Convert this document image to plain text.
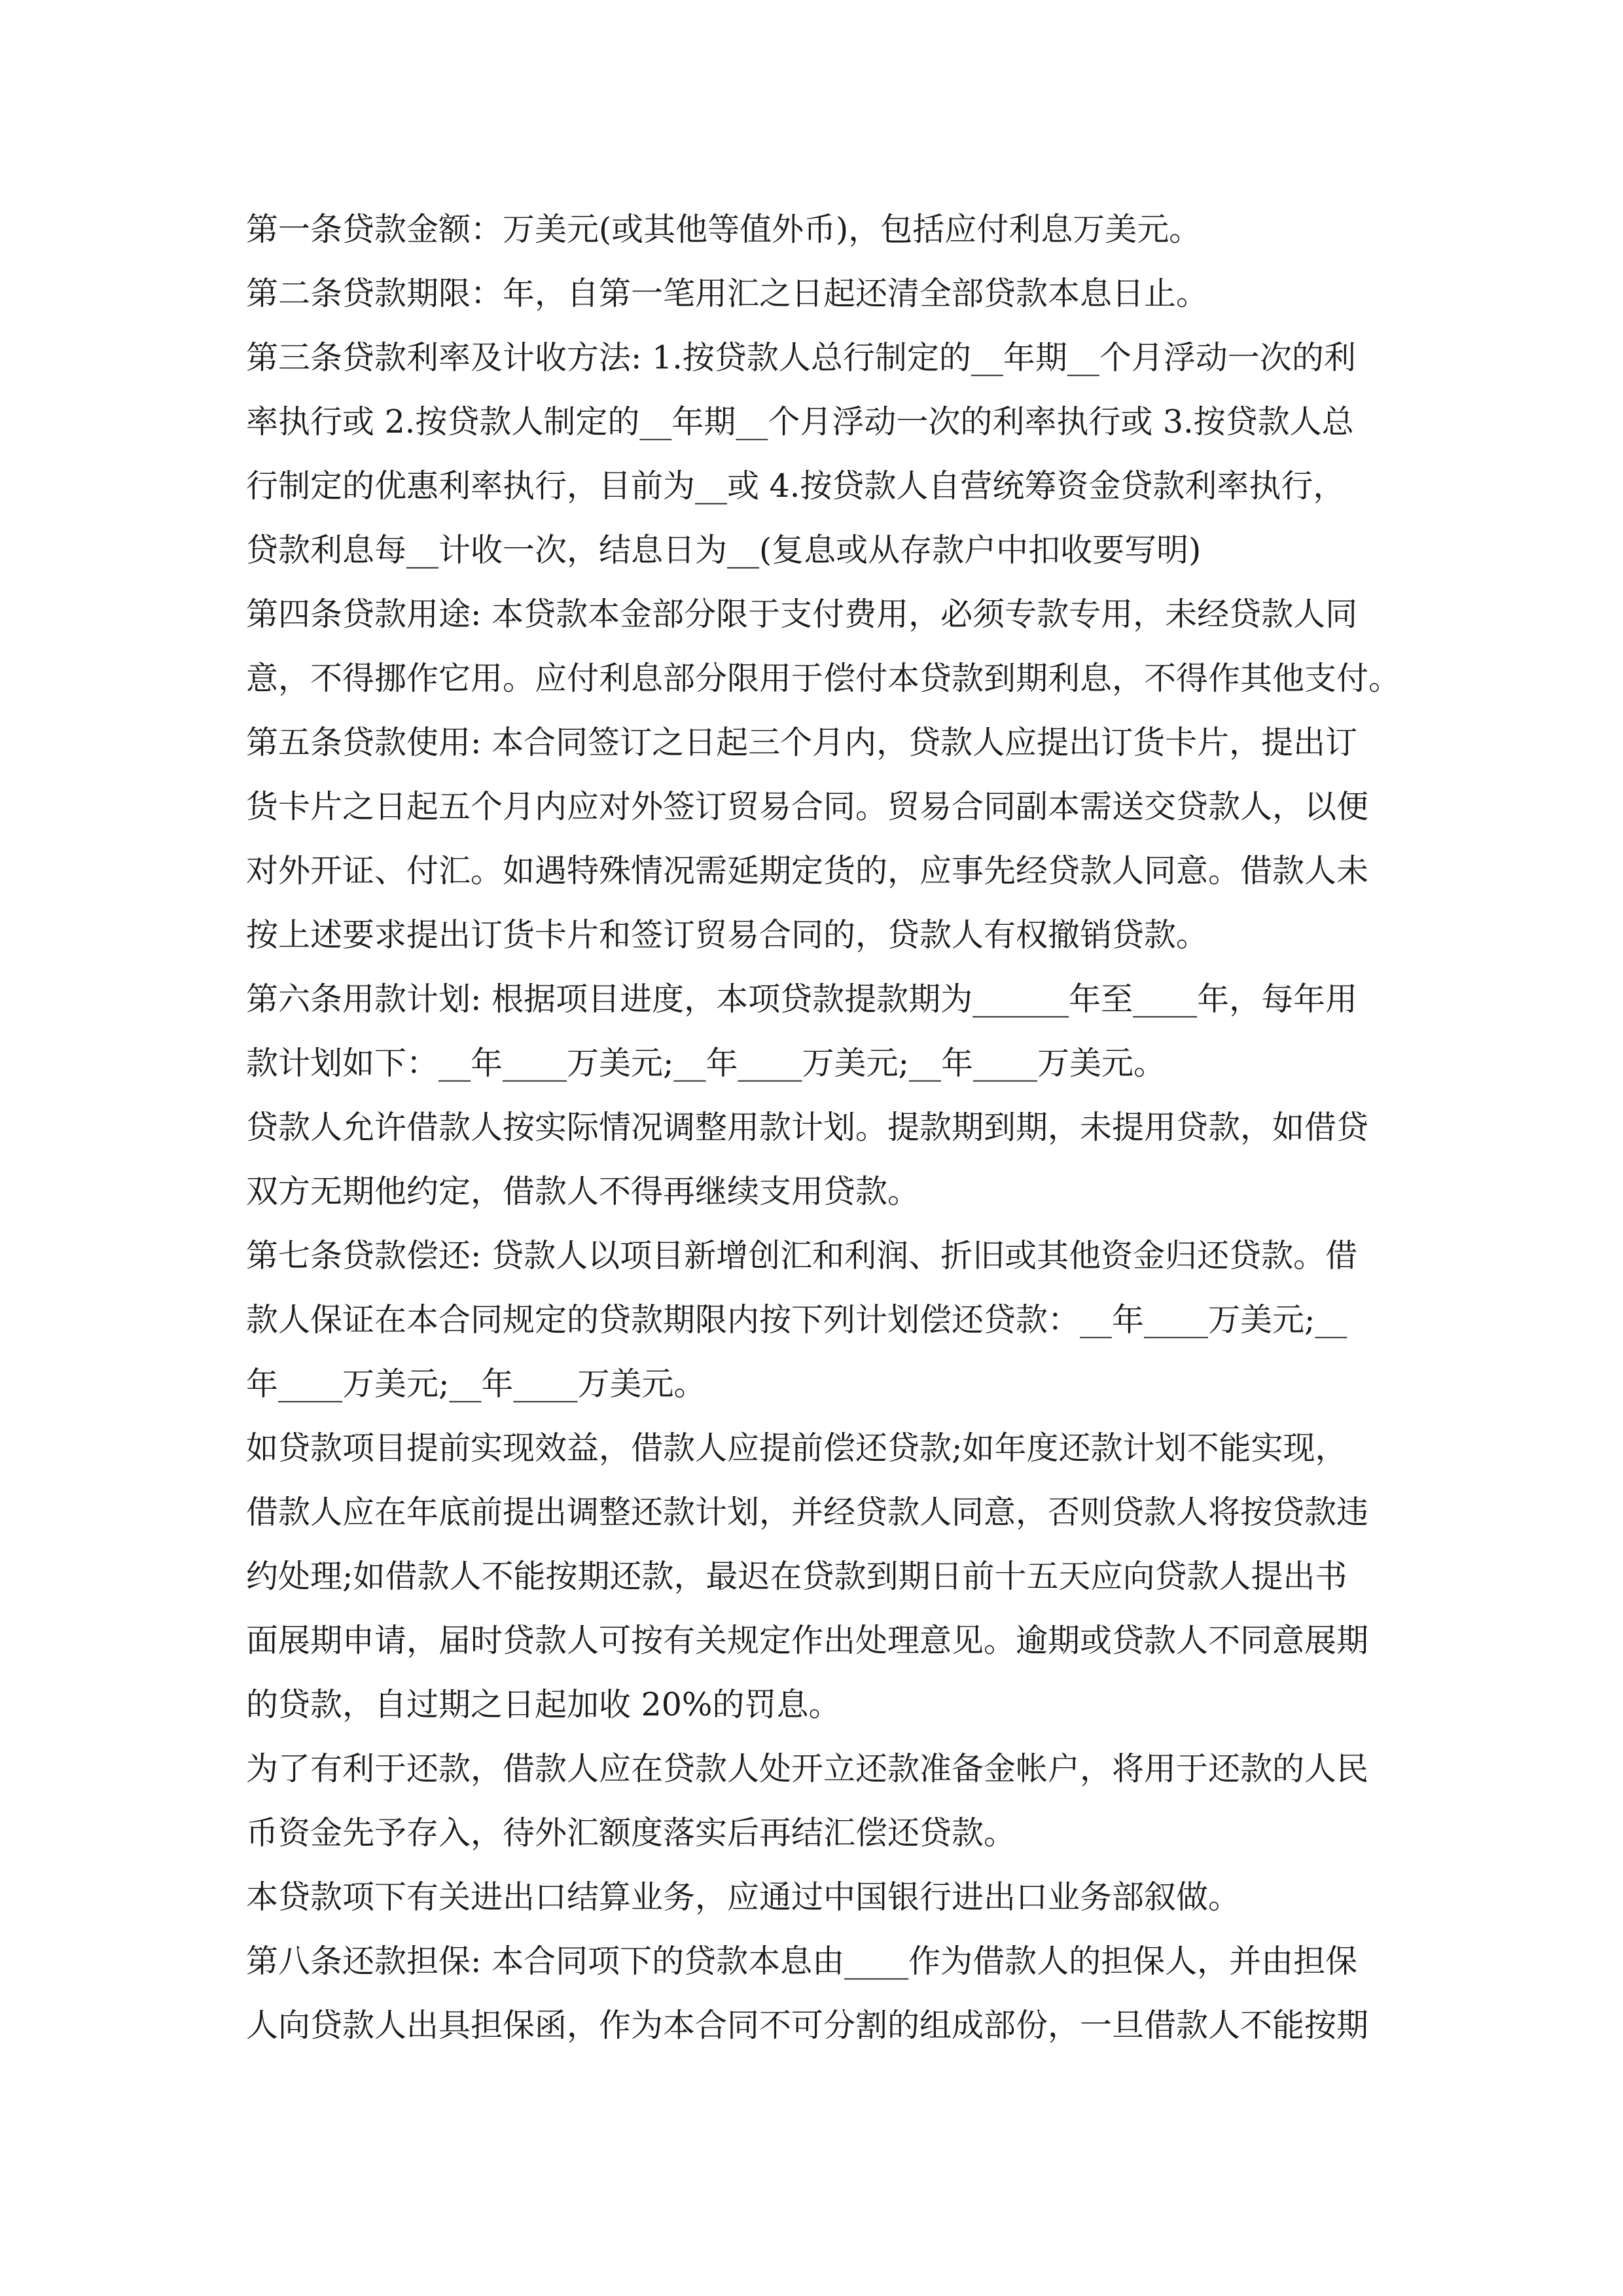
第一条贷款金额：万美元(或其他等值外币)，包括应付利息万美元。
第二条贷款期限：年，自第一笔用汇之日起还清全部贷款本息日止。
第三条贷款利率及计收方法: 1.按贷款人总行制定的__年期__个月浮动一次的利
率执行或 2.按贷款人制定的__年期__个月浮动一次的利率执行或 3.按贷款人总
行制定的优惠利率执行，目前为__或 4.按贷款人自营统筹资金贷款利率执行，
贷款利息每__计收一次，结息日为__(复息或从存款户中扣收要写明)
第四条贷款用途: 本贷款本金部分限于支付费用，必须专款专用，未经贷款人同
意，不得挪作它用。应付利息部分限用于偿付本贷款到期利息，不得作其他支付。
第五条贷款使用: 本合同签订之日起三个月内，贷款人应提出订货卡片，提出订
货卡片之日起五个月内应对外签订贸易合同。贸易合同副本需送交贷款人，以便
对外开证、付汇。如遇特殊情况需延期定货的，应事先经贷款人同意。借款人未
按上述要求提出订货卡片和签订贸易合同的，贷款人有权撤销贷款。
第六条用款计划: 根据项目进度，本项贷款提款期为______年至____年，每年用
款计划如下：__年____万美元;__年____万美元;__年____万美元。
贷款人允许借款人按实际情况调整用款计划。提款期到期，未提用贷款，如借贷
双方无期他约定，借款人不得再继续支用贷款。
第七条贷款偿还: 贷款人以项目新增创汇和利润、折旧或其他资金归还贷款。借
款人保证在本合同规定的贷款期限内按下列计划偿还贷款：__年____万美元;__
年____万美元;__年____万美元。
如贷款项目提前实现效益，借款人应提前偿还贷款;如年度还款计划不能实现，
借款人应在年底前提出调整还款计划，并经贷款人同意，否则贷款人将按贷款违
约处理;如借款人不能按期还款，最迟在贷款到期日前十五天应向贷款人提出书
面展期申请，届时贷款人可按有关规定作出处理意见。逾期或贷款人不同意展期
的贷款，自过期之日起加收 20%的罚息。
为了有利于还款，借款人应在贷款人处开立还款准备金帐户，将用于还款的人民
币资金先予存入，待外汇额度落实后再结汇偿还贷款。
本贷款项下有关进出口结算业务，应通过中国银行进出口业务部叙做。
第八条还款担保: 本合同项下的贷款本息由____作为借款人的担保人，并由担保
人向贷款人出具担保函，作为本合同不可分割的组成部份，一旦借款人不能按期
